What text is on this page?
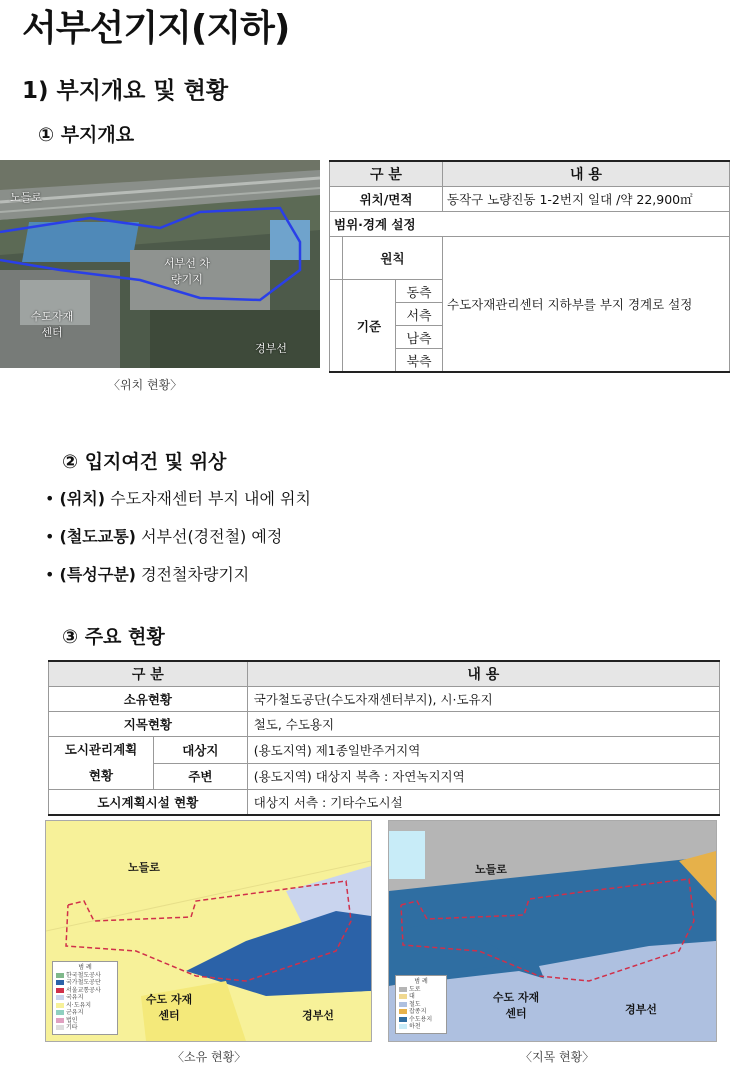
서부선기지(지하)
1) 부지개요 및 현황
① 부지개요
노들로
서부선 차량기지
수도자재 센터
경부선
〈위치 현황〉
구 분			내 용
위치/면적			동작구 노량진동 1-2번지 일대 /약 22,900㎡
범위·경계 설정			
	원칙		수도자재관리센터 지하부를 부지 경계로 설정
	기준	동측	
		서측	
		남측	
		북측	
② 입지여건 및 위상
• (위치) 수도자재센터 부지 내에 위치
• (철도교통) 서부선(경전철) 예정
• (특성구분) 경전철차량기지
③ 주요 현황
구 분		내 용
소유현황		국가철도공단(수도자재센터부지), 시·도유지
지목현황		철도, 수도용지
도시관리계획
현황	대상지	(용도지역) 제1종일반주거지역
	주변	(용도지역) 대상지 북측 : 자연녹지지역
도시계획시설 현황		대상지 서측 : 기타수도시설
노들로
수도 자재센터	경부선
범 례
한국철도공사
국가철도공단
서울교통공사
국유지
시·도유지
군유지
법인
기타
〈소유 현황〉
노들로
수도 자재센터	경부선
범 례
도로
대
철도
잡종지
수도용지
하천
〈지목 현황〉
